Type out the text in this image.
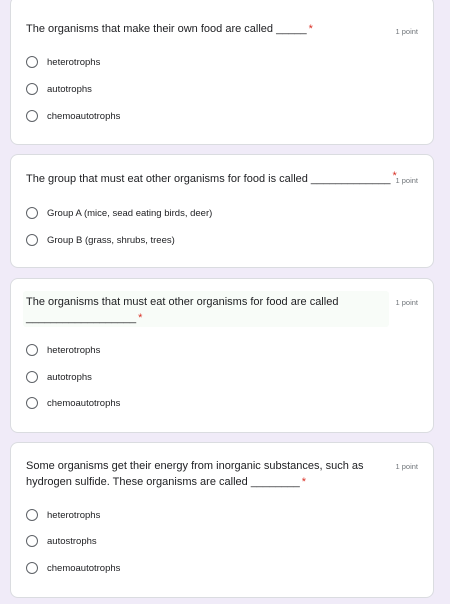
The organisms that make their own food are called _____ *	1 point
heterotrophs
autotrophs
chemoautotrophs
The group that must eat other organisms for food is called _____________ *
1 point
Group A (mice, sead eating birds, deer)
Group B (grass, shrubs, trees)
The organisms that must eat other organisms for food are called __________________ *
1 point
heterotrophs
autotrophs
chemoautotrophs
Some organisms get their energy from inorganic substances, such as hydrogen sulfide. These organisms are called ________ *
1 point
heterotrophs
autostrophs
chemoautotrophs
